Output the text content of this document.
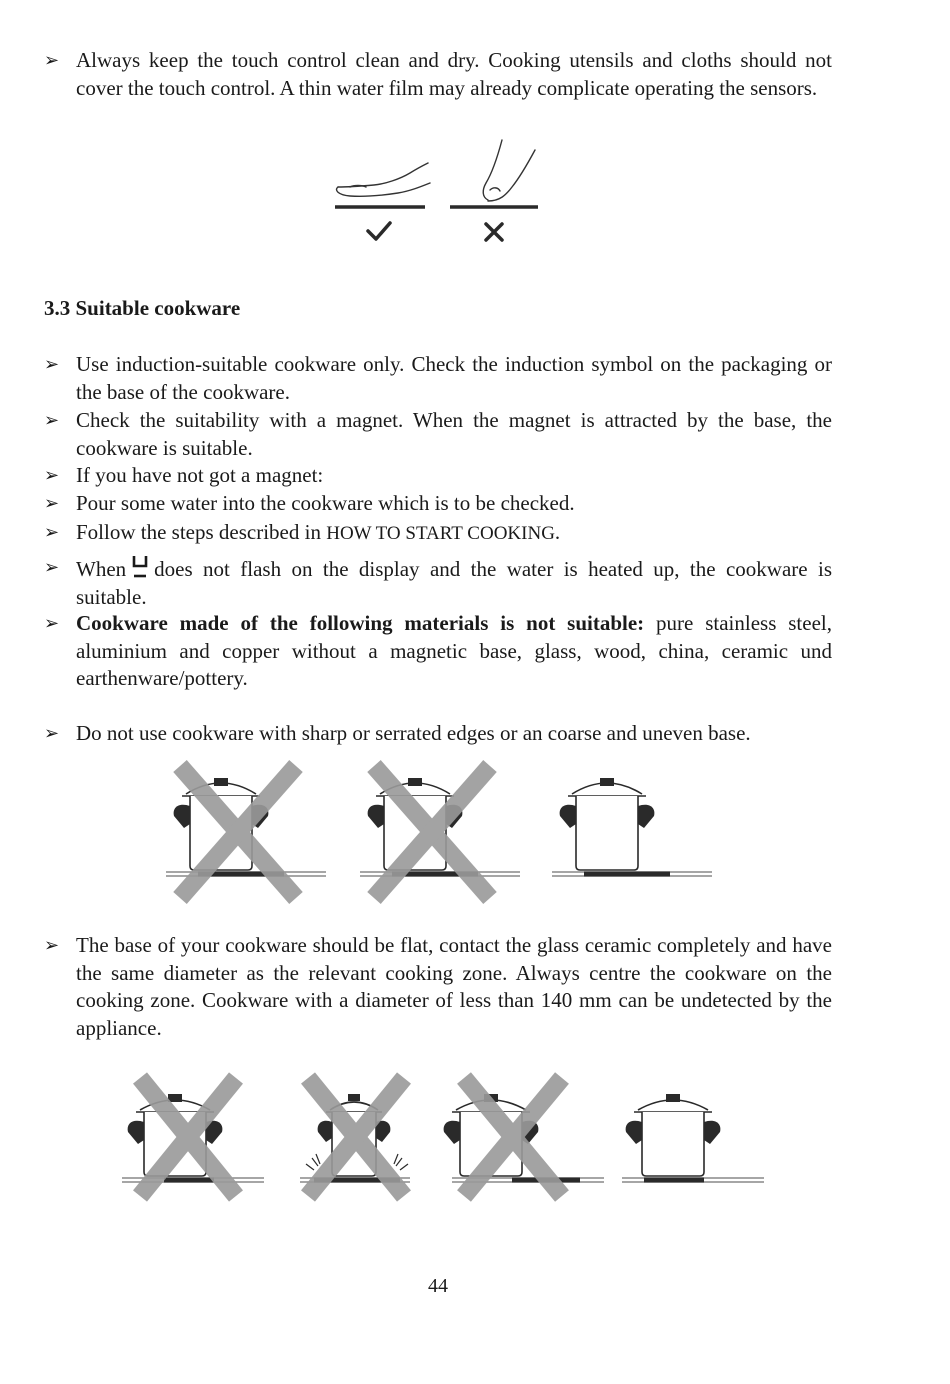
➢ Always keep the touch control clean and dry. Cooking utensils and cloths should not cover the touch control. A thin water film may already complicate operating the sensors.

3.3 Suitable cookware
➢ Use induction-suitable cookware only. Check the induction symbol on the packaging or the base of the cookware.

➢ Check the suitability with a magnet. When the magnet is attracted by the base, the cookware is suitable.

➢ If you have not got a magnet:

➢ Pour some water into the cookware which is to be checked.

➢ Follow the steps described in HOW TO START COOKING.

➢ When does not flash on the display and the water is heated up, the cookware is suitable.

➢ Cookware made of the following materials is not suitable: pure stainless steel, aluminium and copper without a magnetic base, glass, wood, china, ceramic und earthenware/pottery.

➢ Do not use cookware with sharp or serrated edges or an coarse and uneven base.

➢ The base of your cookware should be flat, contact the glass ceramic completely and have the same diameter as the relevant cooking zone. Always centre the cookware on the cooking zone. Cookware with a diameter of less than 140 mm can be undetected by the appliance.

44
